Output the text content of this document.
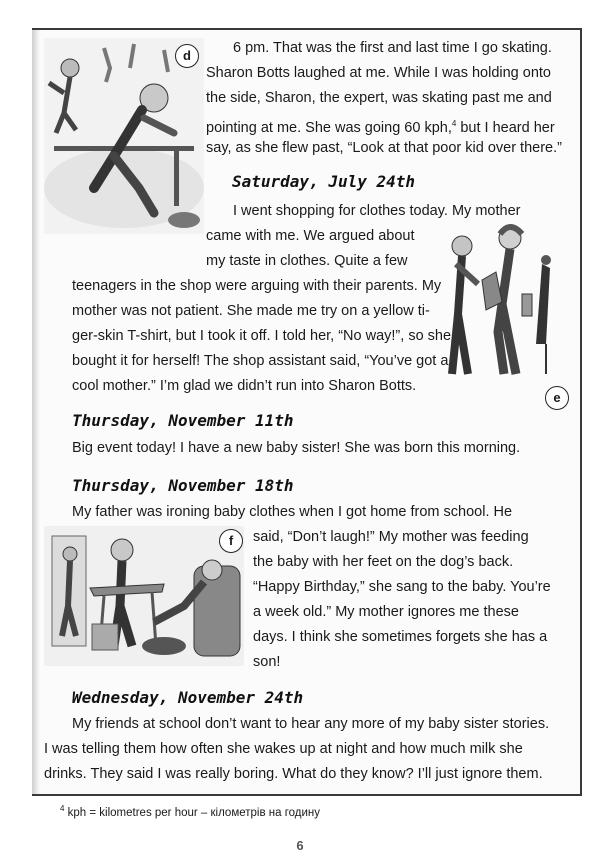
d	6 pm. That was the first and last time I go skating.
Sharon Botts laughed at me. While I was holding onto
the side, Sharon, the expert, was skating past me and
pointing at me. She was going 60 kph,$^4$ but I heard her
say, as she flew past, “Look at that poor kid over there.”
Saturday, July 24th
I went shopping for clothes today. My mother
came with me. We argued about
my taste in clothes. Quite a few
teenagers in the shop were arguing with their parents. My
mother was not patient. She made me try on a yellow ti-
ger-skin T-shirt, but I took it off. I told her, “No way!”, so she
bought it for herself! The shop assistant said, “You’ve got a
cool mother.” I’m glad we didn’t run into Sharon Botts.
e
Thursday, November 11th
Big event today! I have a new baby sister! She was born this morning.
Thursday, November 18th
My father was ironing baby clothes when I got home from school. He
said, “Don’t laugh!” My mother was feeding
the baby with her feet on the dog’s back.
“Happy Birthday,” she sang to the baby. You’re
a week old.” My mother ignores me these
days. I think she sometimes forgets she has a
son!
f
Wednesday, November 24th
My friends at school don’t want to hear any more of my baby sister stories.
I was telling them how often she wakes up at night and how much milk she
drinks. They said I was really boring. What do they know? I’ll just ignore them.
$^4$ kph = kilometres per hour – кілометрів на годину
6
